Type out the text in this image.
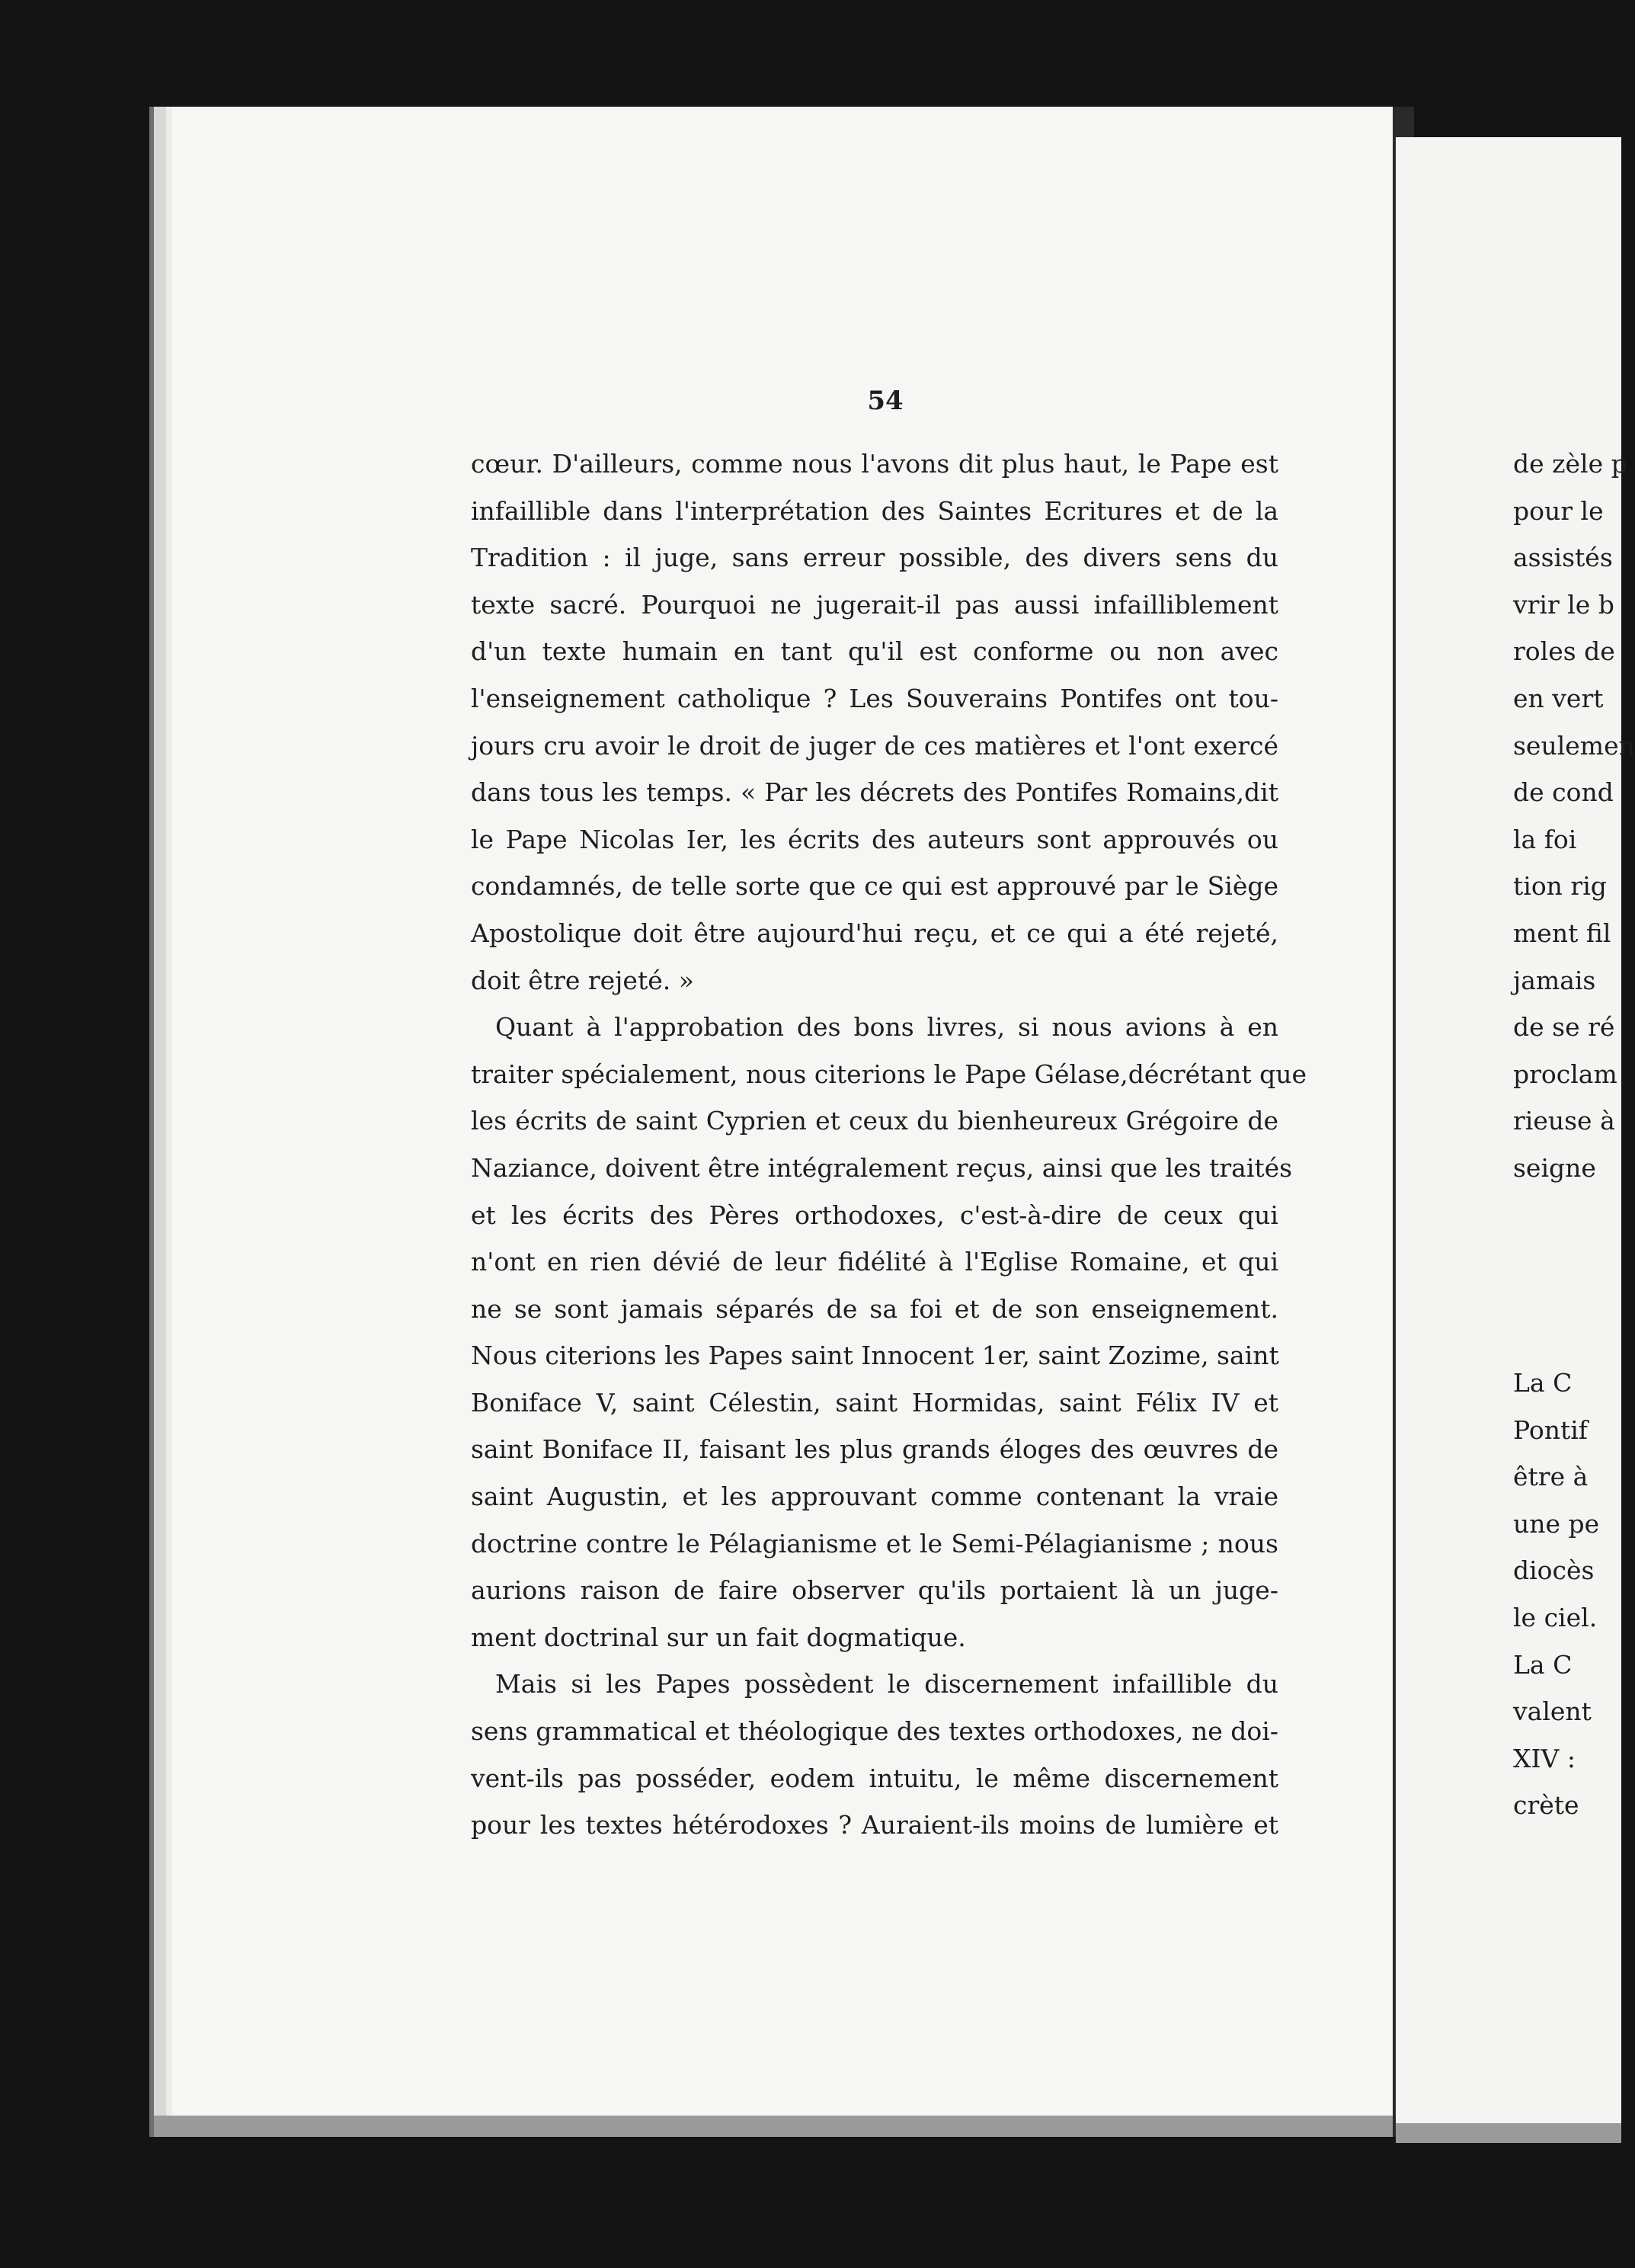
54
cœur. D'ailleurs, comme nous l'avons dit plus haut, le Pape est
infaillible dans l'interprétation des Saintes Ecritures et de la
Tradition : il juge, sans erreur possible, des divers sens du
texte sacré. Pourquoi ne jugerait-il pas aussi infailliblement
d'un texte humain en tant qu'il est conforme ou non avec
l'enseignement catholique ? Les Souverains Pontifes ont tou-
jours cru avoir le droit de juger de ces matières et l'ont exercé
dans tous les temps. « Par les décrets des Pontifes Romains,dit
le Pape Nicolas Ier, les écrits des auteurs sont approuvés ou
condamnés, de telle sorte que ce qui est approuvé par le Siège
Apostolique doit être aujourd'hui reçu, et ce qui a été rejeté,
doit être rejeté. »
Quant à l'approbation des bons livres, si nous avions à en
traiter spécialement, nous citerions le Pape Gélase,décrétant que
les écrits de saint Cyprien et ceux du bienheureux Grégoire de
Naziance, doivent être intégralement reçus, ainsi que les traités
et les écrits des Pères orthodoxes, c'est-à-dire de ceux qui
n'ont en rien dévié de leur fidélité à l'Eglise Romaine, et qui
ne se sont jamais séparés de sa foi et de son enseignement.
Nous citerions les Papes saint Innocent 1er, saint Zozime, saint
Boniface V, saint Célestin, saint Hormidas, saint Félix IV et
saint Boniface II, faisant les plus grands éloges des œuvres de
saint Augustin, et les approuvant comme contenant la vraie
doctrine contre le Pélagianisme et le Semi-Pélagianisme ; nous
aurions raison de faire observer qu'ils portaient là un juge-
ment doctrinal sur un fait dogmatique.
Mais si les Papes possèdent le discernement infaillible du
sens grammatical et théologique des textes orthodoxes, ne doi-
vent-ils pas posséder, eodem intuitu, le même discernement
pour les textes hétérodoxes ? Auraient-ils moins de lumière et
de zèle p
pour le
assistés
vrir le b
roles de
en vert
seulemen
de cond
la foi
tion rig
ment fil
jamais
de se ré
proclam
rieuse à
seigne
La C
Pontif
être à
une pe
diocès
le ciel.
La C
valent
XIV :
crète
